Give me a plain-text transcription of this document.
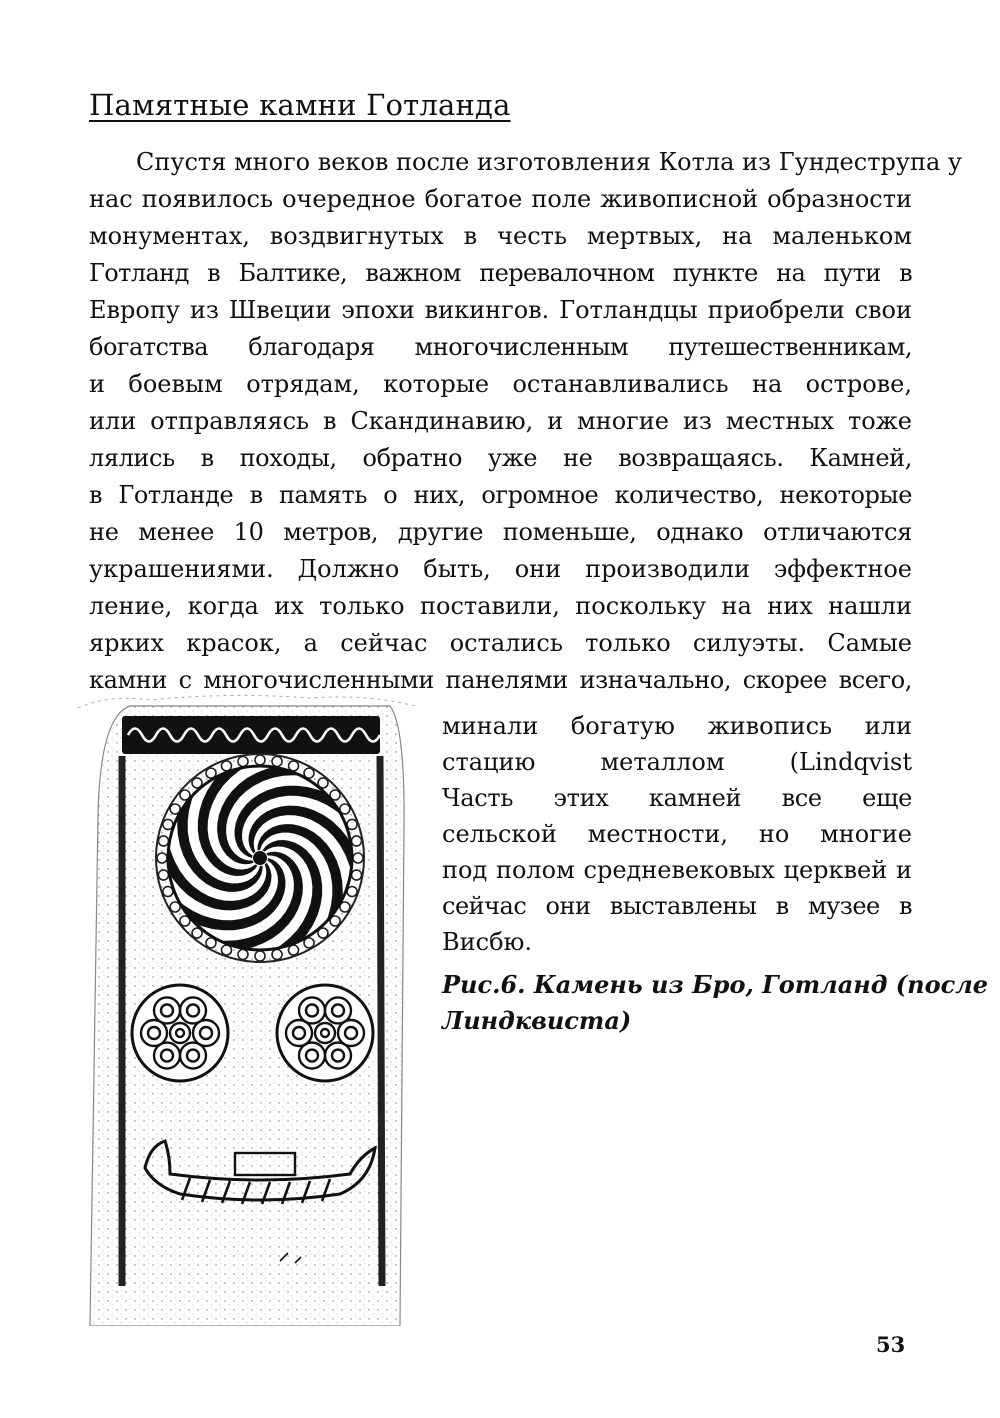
Памятные камни Готланда

Спустя много веков после изготовления Котла из Гундеструпа у

нас появилось очередное богатое поле живописной образности

монументах, воздвигнутых в честь мертвых, на маленьком

Готланд в Балтике, важном перевалочном пункте на пути в

Европу из Швеции эпохи викингов. Готландцы приобрели свои

богатства благодаря многочисленным путешественникам,

и боевым отрядам, которые останавливались на острове,

или отправляясь в Скандинавию, и многие из местных тоже

лялись в походы, обратно уже не возвращаясь. Камней,

в Готланде в память о них, огромное количество, некоторые

не менее 10 метров, другие поменьше, однако отличаются

украшениями. Должно быть, они производили эффектное

ление, когда их только поставили, поскольку на них нашли

ярких красок, а сейчас остались только силуэты. Самые

камни с многочисленными панелями изначально, скорее всего,

минали богатую живопись или

стацию металлом (Lindqvist

Часть этих камней все еще

сельской местности, но многие

под полом средневековых церквей и

сейчас они выставлены в музее в

Висбю.

Рис.6. Камень из Бро, Готланд (после

Линдквиста)

53
